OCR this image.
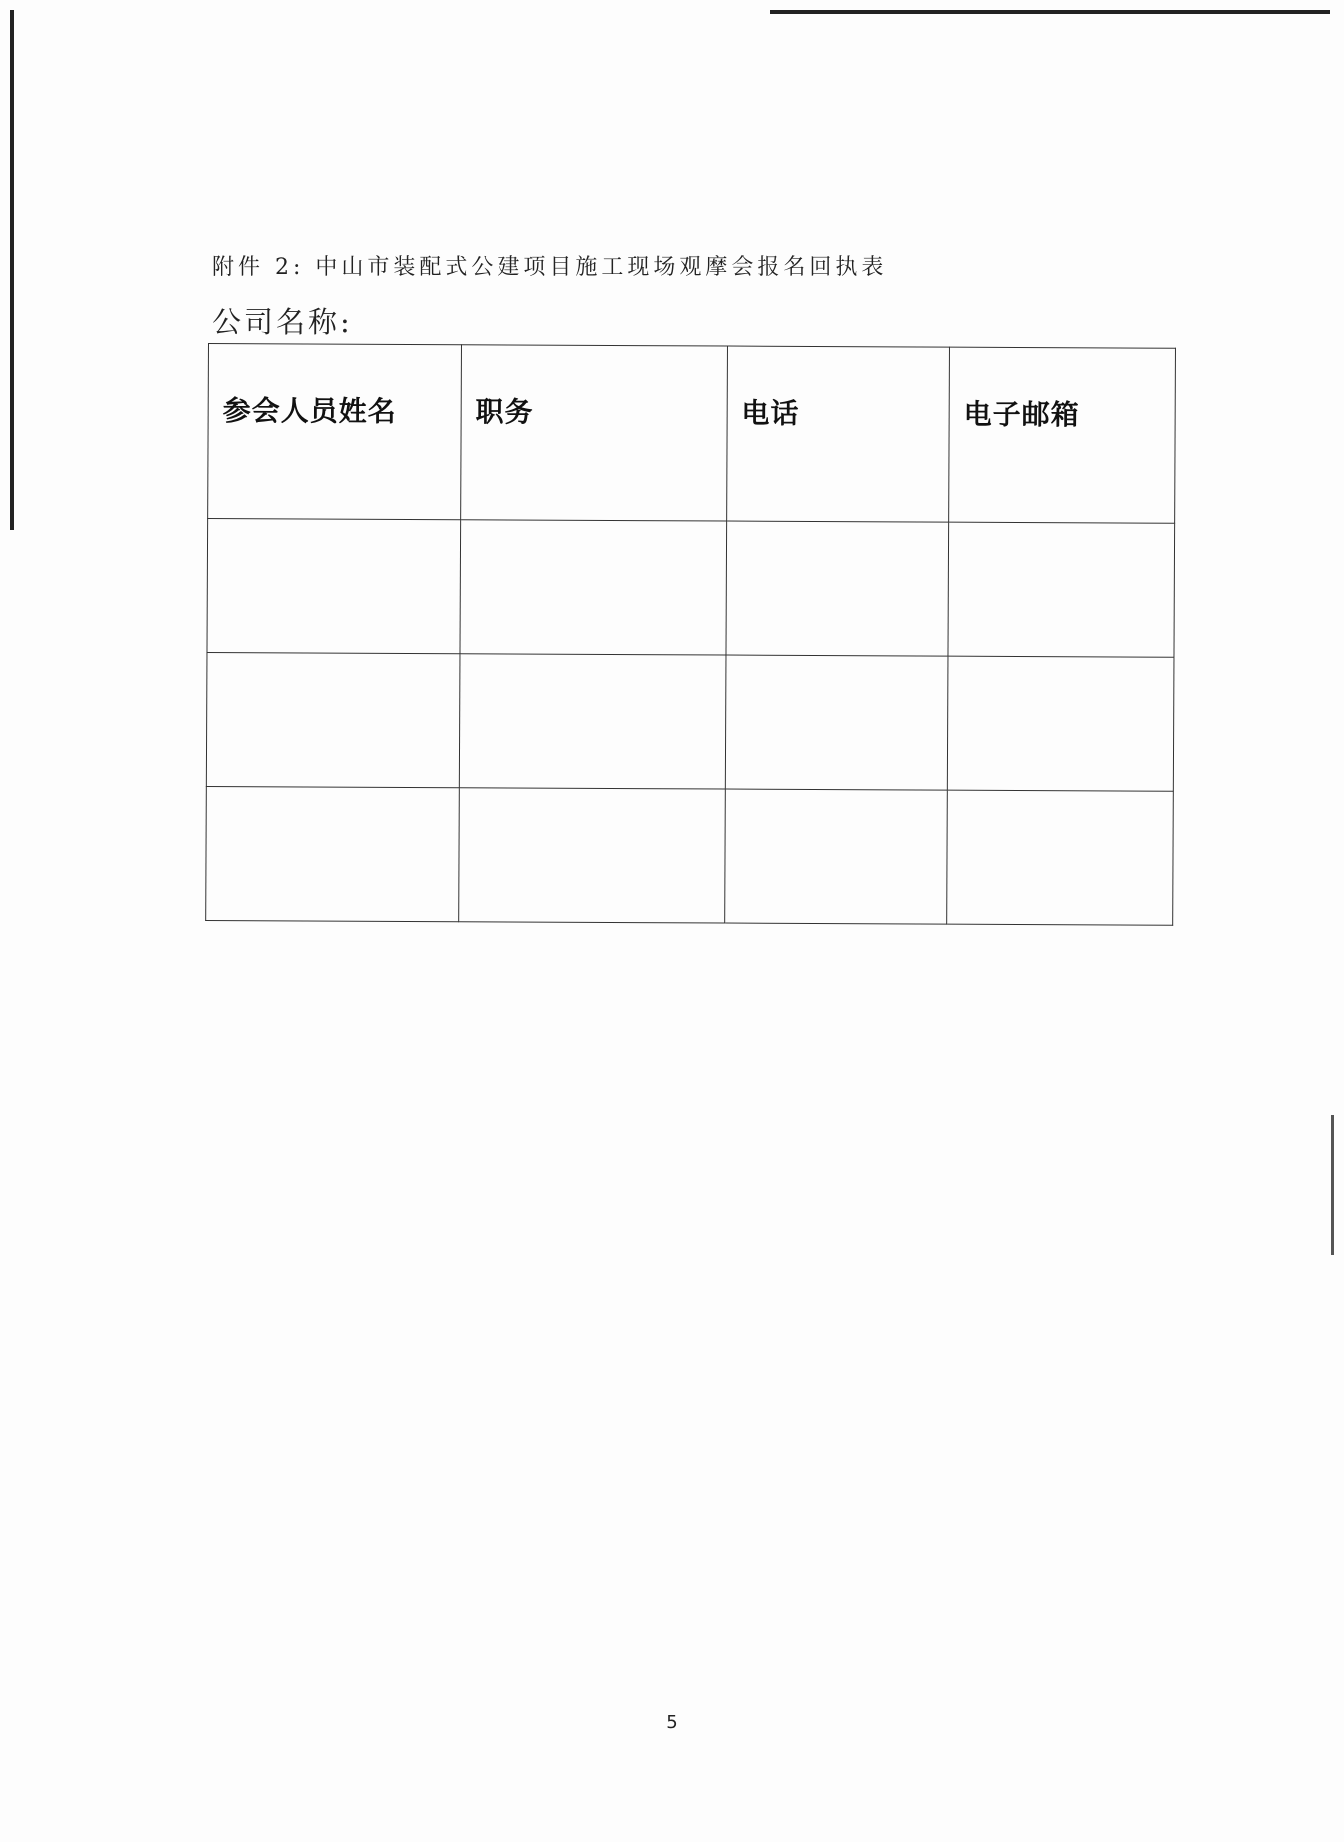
附件 2: 中山市装配式公建项目施工现场观摩会报名回执表
公司名称:
参会人员姓名	职务	电话	电子邮箱

5
